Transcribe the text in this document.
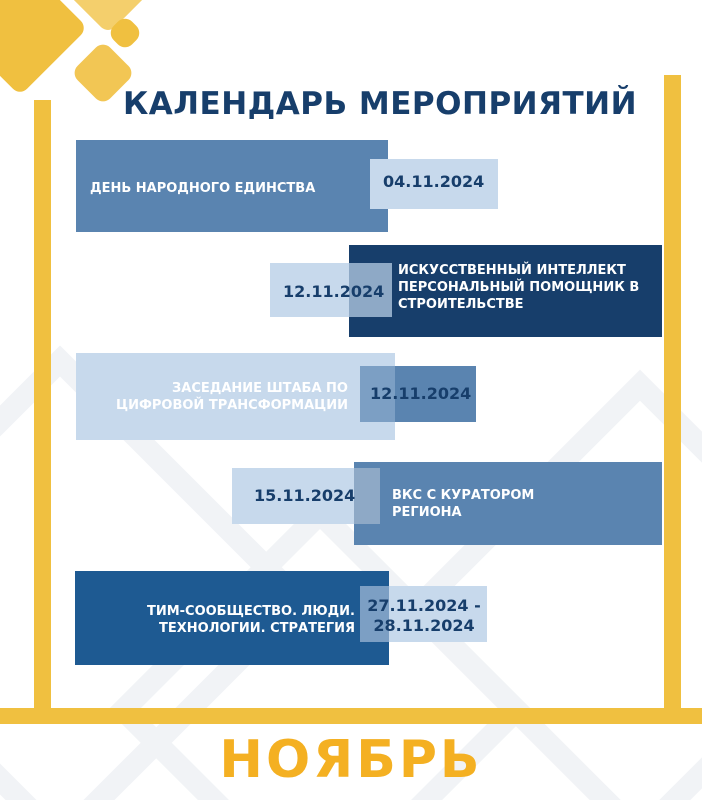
КАЛЕНДАРЬ МЕРОПРИЯТИЙ
ДЕНЬ НАРОДНОГО ЕДИНСТВА	04.11.2024
ИСКУССТВЕННЫЙ ИНТЕЛЛЕКТ ПЕРСОНАЛЬНЫЙ ПОМОЩНИК В СТРОИТЕЛЬСТВЕ
12.11.2024
ЗАСЕДАНИЕ ШТАБА ПО ЦИФРОВОЙ ТРАНСФОРМАЦИИ
12.11.2024
ВКС С КУРАТОРОМ РЕГИОНА
15.11.2024
ТИМ-СООБЩЕСТВО. ЛЮДИ. ТЕХНОЛОГИИ. СТРАТЕГИЯ
27.11.2024 - 28.11.2024
НОЯБРЬ
